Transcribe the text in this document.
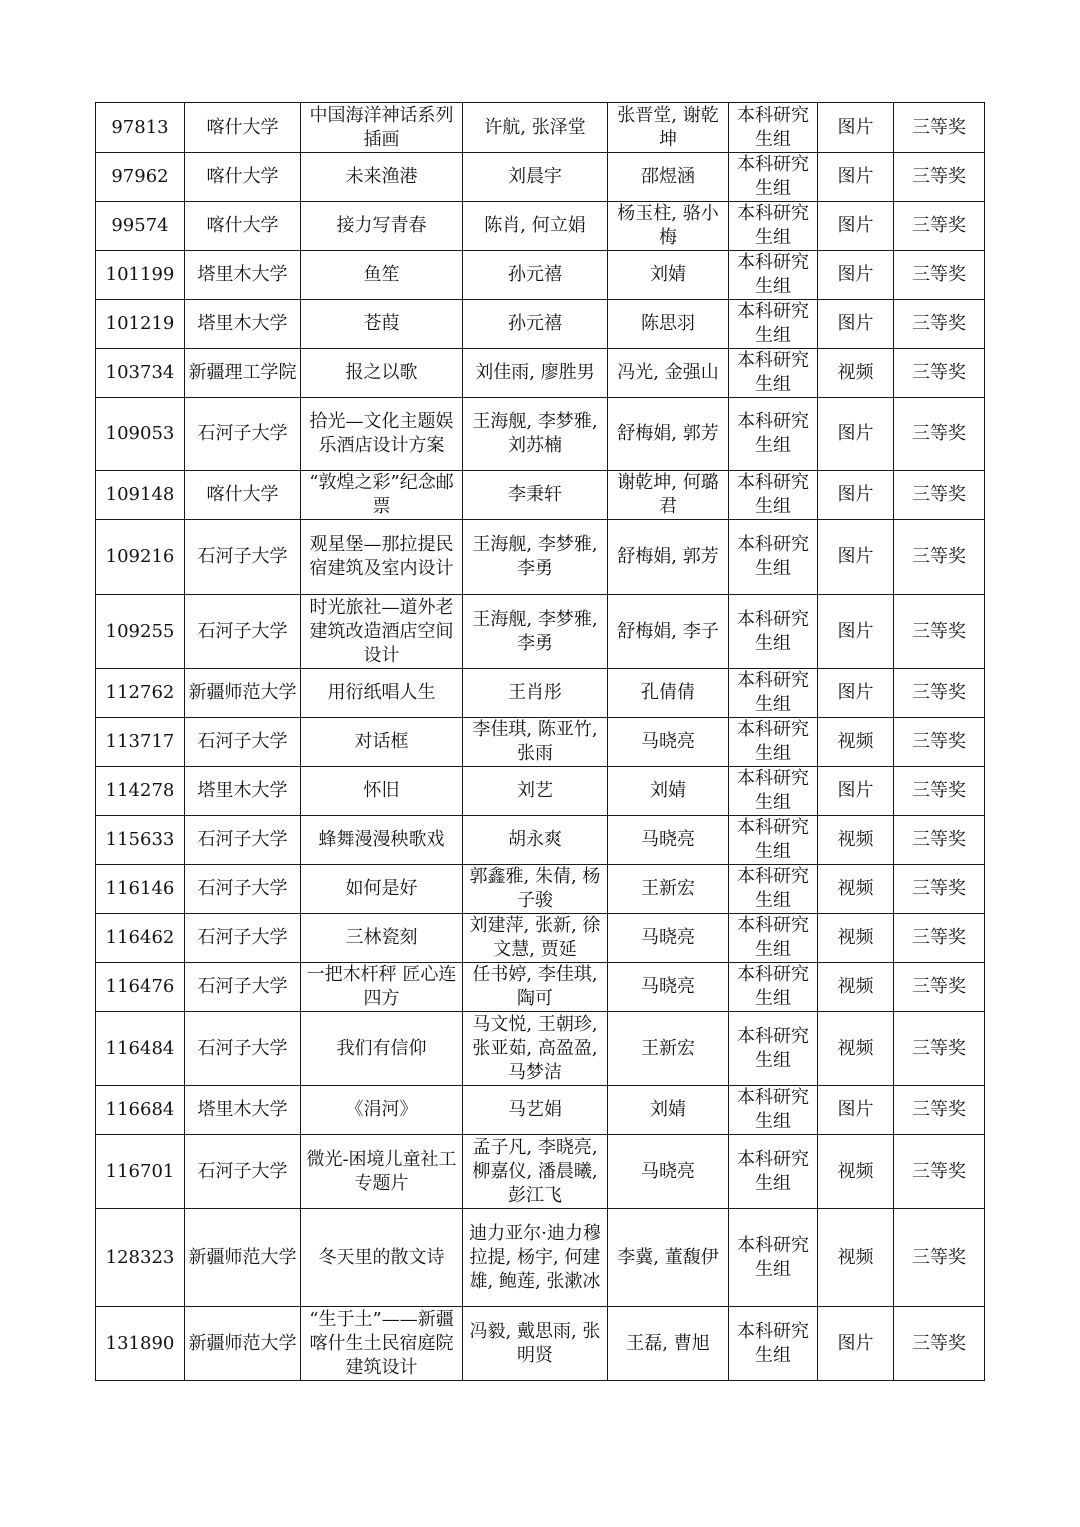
97813	喀什大学	中国海洋神话系列插画	许航, 张泽堂	张晋堂, 谢乾坤	本科研究生组	图片	三等奖
97962	喀什大学	未来渔港	刘晨宇	邵煜涵	本科研究生组	图片	三等奖
99574	喀什大学	接力写青春	陈肖, 何立娟	杨玉柱, 骆小梅	本科研究生组	图片	三等奖
101199	塔里木大学	鱼笙	孙元禧	刘婧	本科研究生组	图片	三等奖
101219	塔里木大学	苍葭	孙元禧	陈思羽	本科研究生组	图片	三等奖
103734	新疆理工学院	报之以歌	刘佳雨, 廖胜男	冯光, 金强山	本科研究生组	视频	三等奖
109053	石河子大学	拾光—文化主题娱乐酒店设计方案	王海舰, 李梦雅, 刘苏楠	舒梅娟, 郭芳	本科研究生组	图片	三等奖
109148	喀什大学	“敦煌之彩”纪念邮票	李秉轩	谢乾坤, 何璐君	本科研究生组	图片	三等奖
109216	石河子大学	观星堡—那拉提民宿建筑及室内设计	王海舰, 李梦雅, 李勇	舒梅娟, 郭芳	本科研究生组	图片	三等奖
109255	石河子大学	时光旅社—道外老建筑改造酒店空间设计	王海舰, 李梦雅, 李勇	舒梅娟, 李子	本科研究生组	图片	三等奖
112762	新疆师范大学	用衍纸唱人生	王肖彤	孔倩倩	本科研究生组	图片	三等奖
113717	石河子大学	对话框	李佳琪, 陈亚竹, 张雨	马晓亮	本科研究生组	视频	三等奖
114278	塔里木大学	怀旧	刘艺	刘婧	本科研究生组	图片	三等奖
115633	石河子大学	蜂舞漫漫秧歌戏	胡永爽	马晓亮	本科研究生组	视频	三等奖
116146	石河子大学	如何是好	郭鑫雅, 朱倩, 杨子骏	王新宏	本科研究生组	视频	三等奖
116462	石河子大学	三林瓷刻	刘建萍, 张新, 徐文慧, 贾延	马晓亮	本科研究生组	视频	三等奖
116476	石河子大学	一把木杆秤 匠心连四方	任书婷, 李佳琪, 陶可	马晓亮	本科研究生组	视频	三等奖
116484	石河子大学	我们有信仰	马文悦, 王朝珍, 张亚茹, 高盈盈, 马梦洁	王新宏	本科研究生组	视频	三等奖
116684	塔里木大学	《涓河》	马艺娟	刘婧	本科研究生组	图片	三等奖
116701	石河子大学	微光-困境儿童社工专题片	孟子凡, 李晓亮, 柳嘉仪, 潘晨曦, 彭江飞	马晓亮	本科研究生组	视频	三等奖
128323	新疆师范大学	冬天里的散文诗	迪力亚尔·迪力穆拉提, 杨宇, 何建雄, 鲍莲, 张漱冰	李冀, 董馥伊	本科研究生组	视频	三等奖
131890	新疆师范大学	“生于土”——新疆喀什生土民宿庭院建筑设计	冯毅, 戴思雨, 张明贤	王磊, 曹旭	本科研究生组	图片	三等奖
